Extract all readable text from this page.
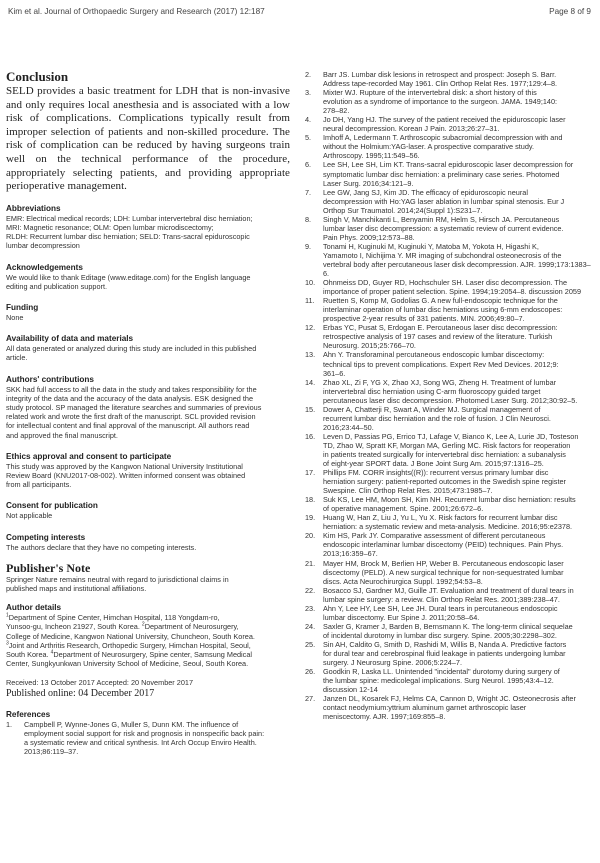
Kim et al. Journal of Orthopaedic Surgery and Research (2017) 12:187	Page 8 of 9
Conclusion

SELD provides a basic treatment for LDH that is non-invasive and only requires local anesthesia and is associated with a low risk of complications. Complications typically result from improper selection of patients and non-skilled procedure. The risk of complication can be reduced by having surgeons train well on the technical performance of the procedure, appropriately selecting patients, and providing appropriate perioperative management.

Abbreviations
EMR: Electrical medical records; LDH: Lumbar intervertebral disc herniation;
MRI: Magnetic resonance; OLM: Open lumbar microdiscectomy;
RLDH: Recurrent lumbar disc herniation; SELD: Trans-sacral epiduroscopic
lumbar decompression
Acknowledgements
We would like to thank Editage (www.editage.com) for the English language
editing and publication support.
Funding
None
Availability of data and materials
All data generated or analyzed during this study are included in this published
article.
Authors' contributions
SKK had full access to all the data in the study and takes responsibility for the
integrity of the data and the accuracy of the data analysis. ESK designed the
study protocol. SP managed the literature searches and summaries of previous
related work and wrote the first draft of the manuscript. SCL provided revision
for intellectual content and final approval of the manuscript. All authors read
and approved the final manuscript.
Ethics approval and consent to participate
This study was approved by the Kangwon National University Institutional
Review Board (KNU2017-08-002). Written informed consent was obtained
from all participants.
Consent for publication
Not applicable
Competing interests
The authors declare that they have no competing interests.
Publisher's Note
Springer Nature remains neutral with regard to jurisdictional claims in
published maps and institutional affiliations.
Author details
$^1$Department of Spine Center, Himchan Hospital, 118 Yongdam-ro,
Yunsoo-gu, Incheon 21927, South Korea. $^2$Department of Neurosurgery,
College of Medicine, Kangwon National University, Chuncheon, South Korea.
$^3$Joint and Arthritis Research, Orthopedic Surgery, Himchan Hospital, Seoul,
South Korea. $^4$Department of Neurosurgery, Spine center, Samsung Medical
Center, Sungkyunkwan University School of Medicine, Seoul, South Korea.
Received: 13 October 2017 Accepted: 20 November 2017
Published online: 04 December 2017
References
1.	Campbell P, Wynne-Jones G, Muller S, Dunn KM. The influence of
employment social support for risk and prognosis in nonspecific back pain:
a systematic review and critical synthesis. Int Arch Occup Enviro Health.
2013;86:119–37.
2.	Barr JS. Lumbar disk lesions in retrospect and prospect: Joseph S. Barr.
Address tape-recorded May 1961. Clin Orthop Relat Res. 1977;129:4–8.
3.	Mixter WJ. Rupture of the intervertebral disk: a short history of this
evolution as a syndrome of importance to the surgeon. JAMA. 1949;140:
278–82.
4.	Jo DH, Yang HJ. The survey of the patient received the epiduroscopic laser
neural decompression. Korean J Pain. 2013;26:27–31.
5.	Imhoff A, Ledermann T. Arthroscopic subacromial decompression with and
without the Holmium:YAG-laser. A prospective comparative study.
Arthroscopy. 1995;11:549–56.
6.	Lee SH, Lee SH, Lim KT. Trans-sacral epiduroscopic laser decompression for
symptomatic lumbar disc herniation: a preliminary case series. Photomed
Laser Surg. 2016;34:121–9.
7.	Lee GW, Jang SJ, Kim JD. The efficacy of epiduroscopic neural
decompression with Ho:YAG laser ablation in lumbar spinal stenosis. Eur J
Orthop Sur Traumatol. 2014;24(Suppl 1):S231–7.
8.	Singh V, Manchikanti L, Benyamin RM, Helm S, Hirsch JA. Percutaneous
lumbar laser disc decompression: a systematic review of current evidence.
Pain Phys. 2009;12:573–88.
9.	Tonami H, Kuginuki M, Kuginuki Y, Matoba M, Yokota H, Higashi K,
Yamamoto I, Nichijima Y. MR imaging of subchondral osteonecrosis of the
vertebral body after percutaneous laser disk decompression. AJR. 1999;173:1383–6.
10.	Ohnmeiss DD, Guyer RD, Hochschuler SH. Laser disc decompression. The
importance of proper patient selection. Spine. 1994;19:2054–8. discussion 2059
11.	Ruetten S, Komp M, Godolias G. A new full-endoscopic technique for the
interlaminar operation of lumbar disc herniations using 6-mm endoscopes:
prospective 2-year results of 331 patients. MIN. 2006;49:80–7.
12.	Erbas YC, Pusat S, Erdogan E. Percutaneous laser disc decompression:
retrospective analysis of 197 cases and review of the literature. Turkish
Neurosurg. 2015;25:766–70.
13.	Ahn Y. Transforaminal percutaneous endoscopic lumbar discectomy:
technical tips to prevent complications. Expert Rev Med Devices. 2012;9:
361–6.
14.	Zhao XL, Zi F, YG X, Zhao XJ, Song WG, Zheng H. Treatment of lumbar
intervertebral disc herniation using C-arm fluoroscopy guided target
percutaneous laser disc decompression. Photomed Laser Surg. 2012;30:92–5.
15.	Dower A, Chatterji R, Swart A, Winder MJ. Surgical management of
recurrent lumbar disc herniation and the role of fusion. J Clin Neurosci.
2016;23:44–50.
16.	Leven D, Passias PG, Errico TJ, Lafage V, Bianco K, Lee A, Lurie JD, Tosteson
TD, Zhao W, Spratt KF, Morgan MA, Gerling MC. Risk factors for reoperation
in patients treated surgically for intervertebral disc herniation: a subanalysis
of eight-year SPORT data. J Bone Joint Surg Am. 2015;97:1316–25.
17.	Phillips FM. CORR insights((R)): recurrent versus primary lumbar disc
herniation surgery: patient-reported outcomes in the Swedish spine register
Swespine. Clin Orthop Relat Res. 2015;473:1985–7.
18.	Suk KS, Lee HM, Moon SH, Kim NH. Recurrent lumbar disc herniation: results
of operative management. Spine. 2001;26:672–6.
19.	Huang W, Han Z, Liu J, Yu L, Yu X. Risk factors for recurrent lumbar disc
herniation: a systematic review and meta-analysis. Medicine. 2016;95:e2378.
20.	Kim HS, Park JY. Comparative assessment of different percutaneous
endoscopic interlaminar lumbar discectomy (PEID) techniques. Pain Phys.
2013;16:359–67.
21.	Mayer HM, Brock M, Berlien HP, Weber B. Percutaneous endoscopic laser
discectomy (PELD). A new surgical technique for non-sequestrated lumbar
discs. Acta Neurochirurgica Suppl. 1992;54:53–8.
22.	Bosacco SJ, Gardner MJ, Guille JT. Evaluation and treatment of dural tears in
lumbar spine surgery: a review. Clin Orthop Relat Res. 2001;389:238–47.
23.	Ahn Y, Lee HY, Lee SH, Lee JH. Dural tears in percutaneous endoscopic
lumbar discectomy. Eur Spine J. 2011;20:58–64.
24.	Saxler G, Kramer J, Barden B, Bernsmann K. The long-term clinical sequelae
of incidental durotomy in lumbar disc surgery. Spine. 2005;30:2298–302.
25.	Sin AH, Caldito G, Smith D, Rashidi M, Willis B, Nanda A. Predictive factors
for dural tear and cerebrospinal fluid leakage in patients undergoing lumbar
surgery. J Neurosurg Spine. 2006;5:224–7.
26.	Goodkin R, Laska LL. Unintended "incidental" durotomy during surgery of
the lumbar spine: medicolegal implications. Surg Neurol. 1995;43:4–12.
discussion 12-14
27.	Janzen DL, Kosarek FJ, Helms CA, Cannon D, Wright JC. Osteonecrosis after
contact neodymium:yttrium aluminum garnet arthroscopic laser
meniscectomy. AJR. 1997;169:855–8.
